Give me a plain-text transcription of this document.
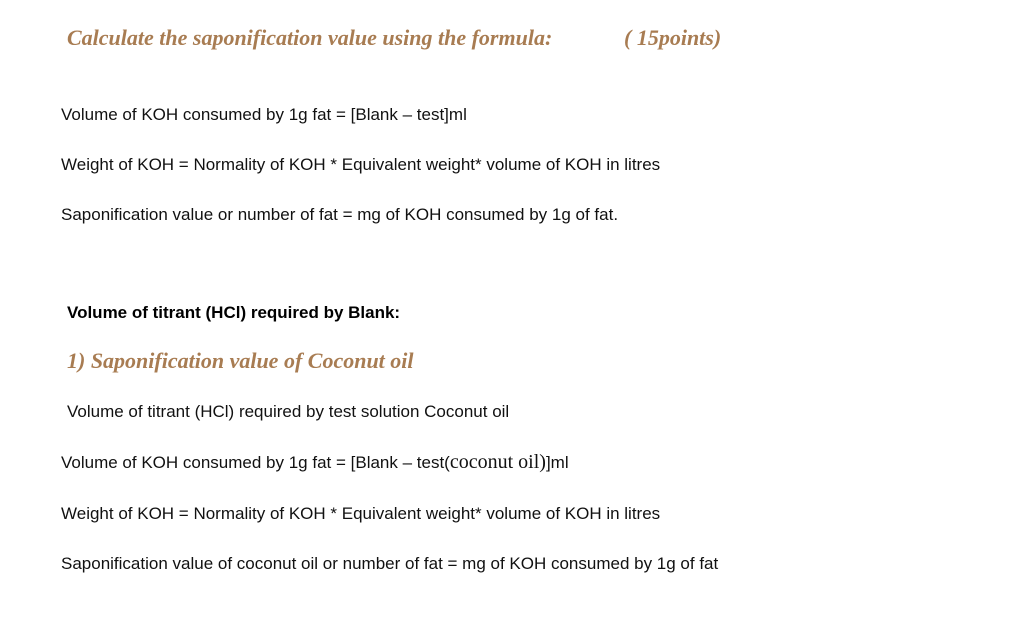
Calculate the saponification value using the formula:	( 15points)
Volume of KOH consumed by 1g fat = [Blank – test]ml
Weight of KOH = Normality of KOH * Equivalent weight* volume of KOH in litres
Saponification value or number of fat = mg of KOH consumed by 1g of fat.
Volume of titrant (HCl) required by Blank:
1) Saponification value of Coconut oil
Volume of titrant (HCl) required by test solution Coconut oil
Volume of KOH consumed by 1g fat = [Blank – test(coconut oil)]ml
Weight of KOH = Normality of KOH * Equivalent weight* volume of KOH in litres
Saponification value of coconut oil or number of fat = mg of KOH consumed by 1g of fat
